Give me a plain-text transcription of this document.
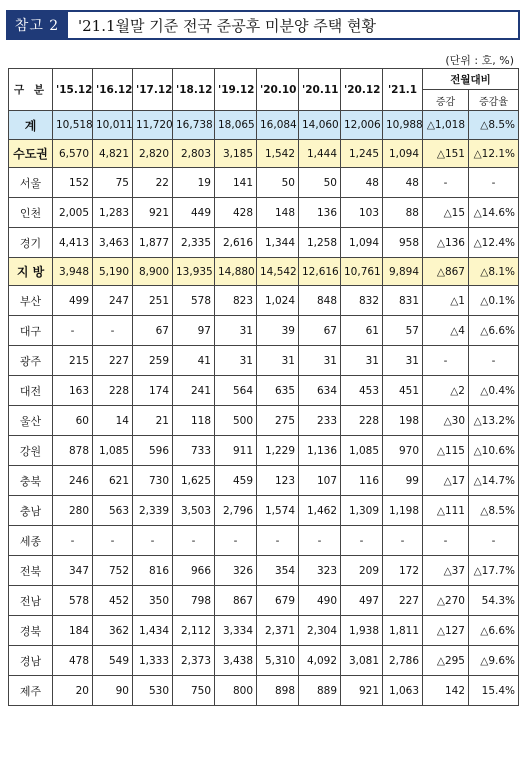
참고 2	'21.1월말 기준 전국 준공후 미분양 주택 현황
(단위 : 호, %)
구 분	'15.12	'16.12	'17.12	'18.12	'19.12	'20.10	'20.11	'20.12	'21.1	전월대비	
										증감	증감율
계	10,518	10,011	11,720	16,738	18,065	16,084	14,060	12,006	10,988	△1,018	△8.5%
수도권	6,570	4,821	2,820	2,803	3,185	1,542	1,444	1,245	1,094	△151	△12.1%
서울	152	75	22	19	141	50	50	48	48	-	-
인천	2,005	1,283	921	449	428	148	136	103	88	△15	△14.6%
경기	4,413	3,463	1,877	2,335	2,616	1,344	1,258	1,094	958	△136	△12.4%
지 방	3,948	5,190	8,900	13,935	14,880	14,542	12,616	10,761	9,894	△867	△8.1%
부산	499	247	251	578	823	1,024	848	832	831	△1	△0.1%
대구	-	-	67	97	31	39	67	61	57	△4	△6.6%
광주	215	227	259	41	31	31	31	31	31	-	-
대전	163	228	174	241	564	635	634	453	451	△2	△0.4%
울산	60	14	21	118	500	275	233	228	198	△30	△13.2%
강원	878	1,085	596	733	911	1,229	1,136	1,085	970	△115	△10.6%
충북	246	621	730	1,625	459	123	107	116	99	△17	△14.7%
충남	280	563	2,339	3,503	2,796	1,574	1,462	1,309	1,198	△111	△8.5%
세종	-	-	-	-	-	-	-	-	-	-	-
전북	347	752	816	966	326	354	323	209	172	△37	△17.7%
전남	578	452	350	798	867	679	490	497	227	△270	54.3%
경북	184	362	1,434	2,112	3,334	2,371	2,304	1,938	1,811	△127	△6.6%
경남	478	549	1,333	2,373	3,438	5,310	4,092	3,081	2,786	△295	△9.6%
제주	20	90	530	750	800	898	889	921	1,063	142	15.4%
